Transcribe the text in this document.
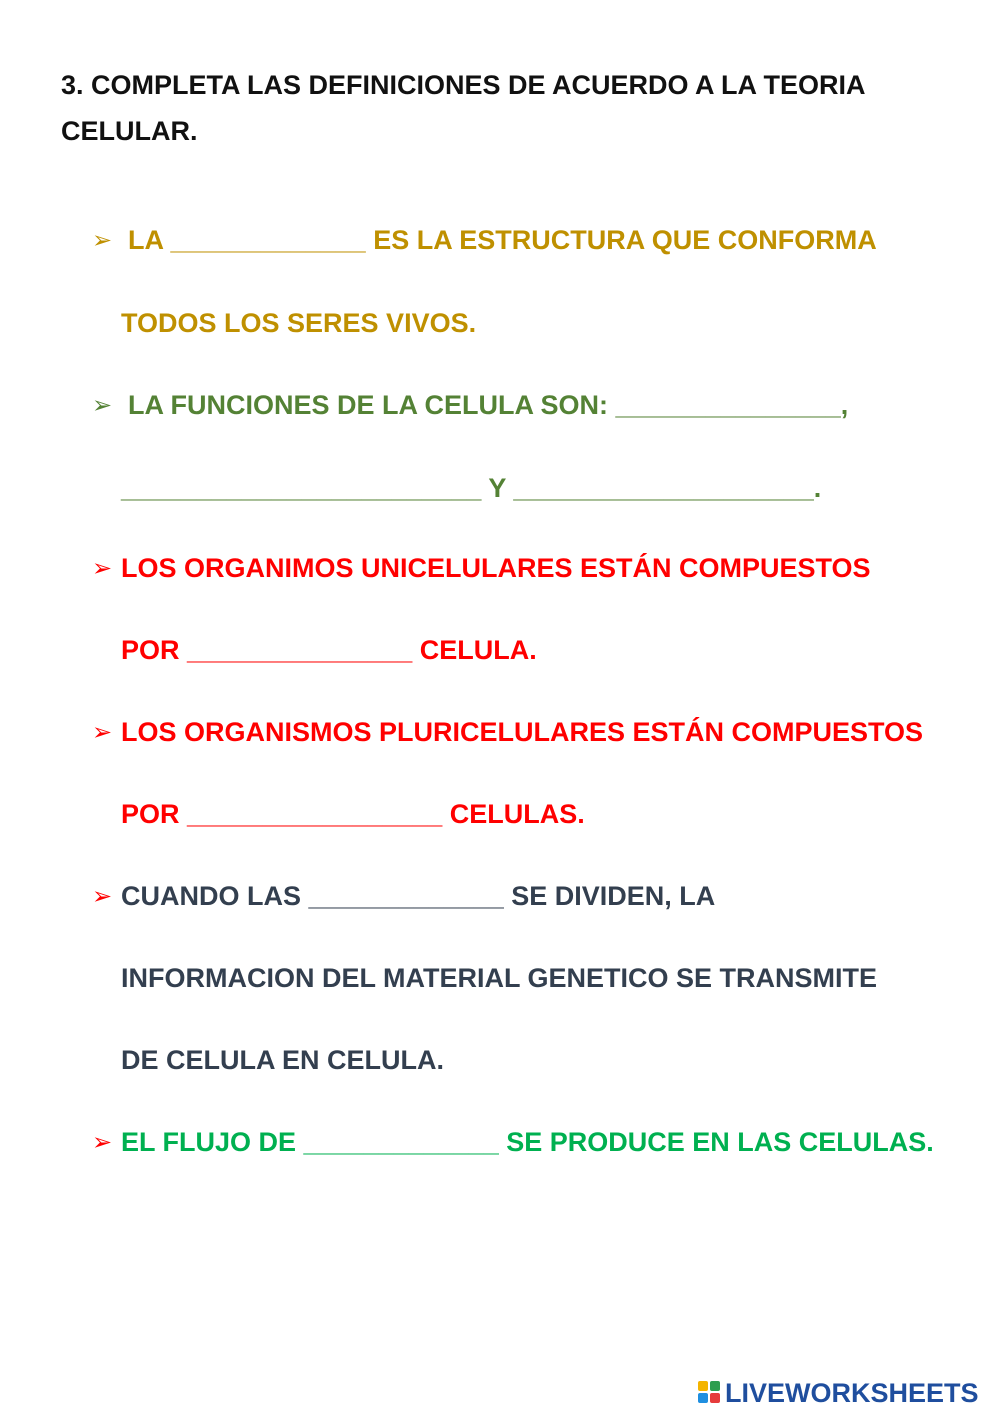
3. COMPLETA LAS DEFINICIONES DE ACUERDO A LA TEORIA CELULAR.
➢ LA _____________ ES LA ESTRUCTURA QUE CONFORMA
TODOS LOS SERES VIVOS.
➢ LA FUNCIONES DE LA CELULA SON: _______________,
________________________ Y ____________________.
➢ LOS ORGANIMOS UNICELULARES ESTÁN COMPUESTOS
POR _______________ CELULA.
➢ LOS ORGANISMOS PLURICELULARES ESTÁN COMPUESTOS
POR _________________ CELULAS.
➢ CUANDO LAS _____________ SE DIVIDEN, LA
INFORMACION DEL MATERIAL GENETICO SE TRANSMITE
DE CELULA EN CELULA.
➢ EL FLUJO DE _____________ SE PRODUCE EN LAS CELULAS.
LIVEWORKSHEETS
